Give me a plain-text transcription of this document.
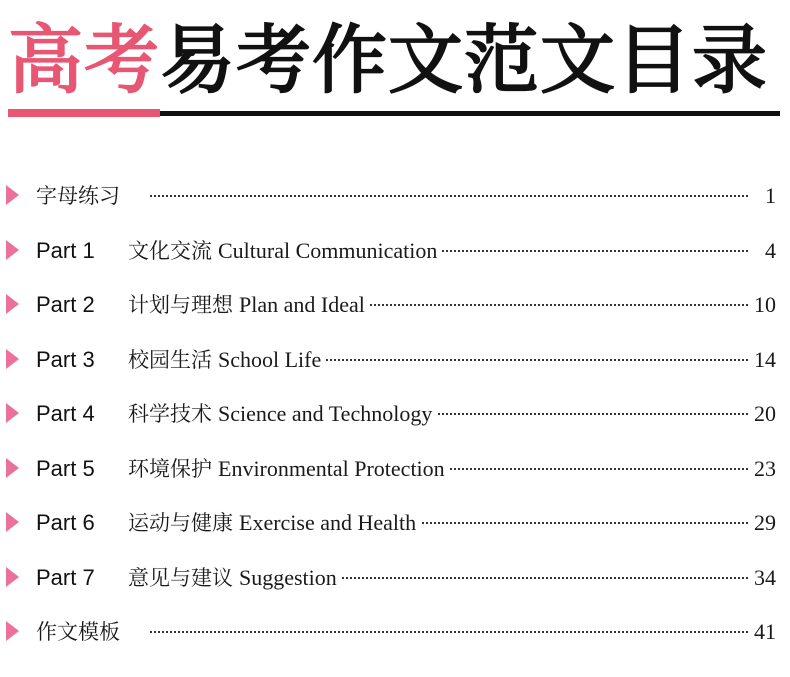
高考易考作文范文目录
字母练习	1
Part 1	文化交流 Cultural Communication	4
Part 2	计划与理想 Plan and Ideal	10
Part 3	校园生活 School Life	14
Part 4	科学技术 Science and Technology	20
Part 5	环境保护 Environmental Protection	23
Part 6	运动与健康 Exercise and Health	29
Part 7	意见与建议 Suggestion	34
作文模板	41
